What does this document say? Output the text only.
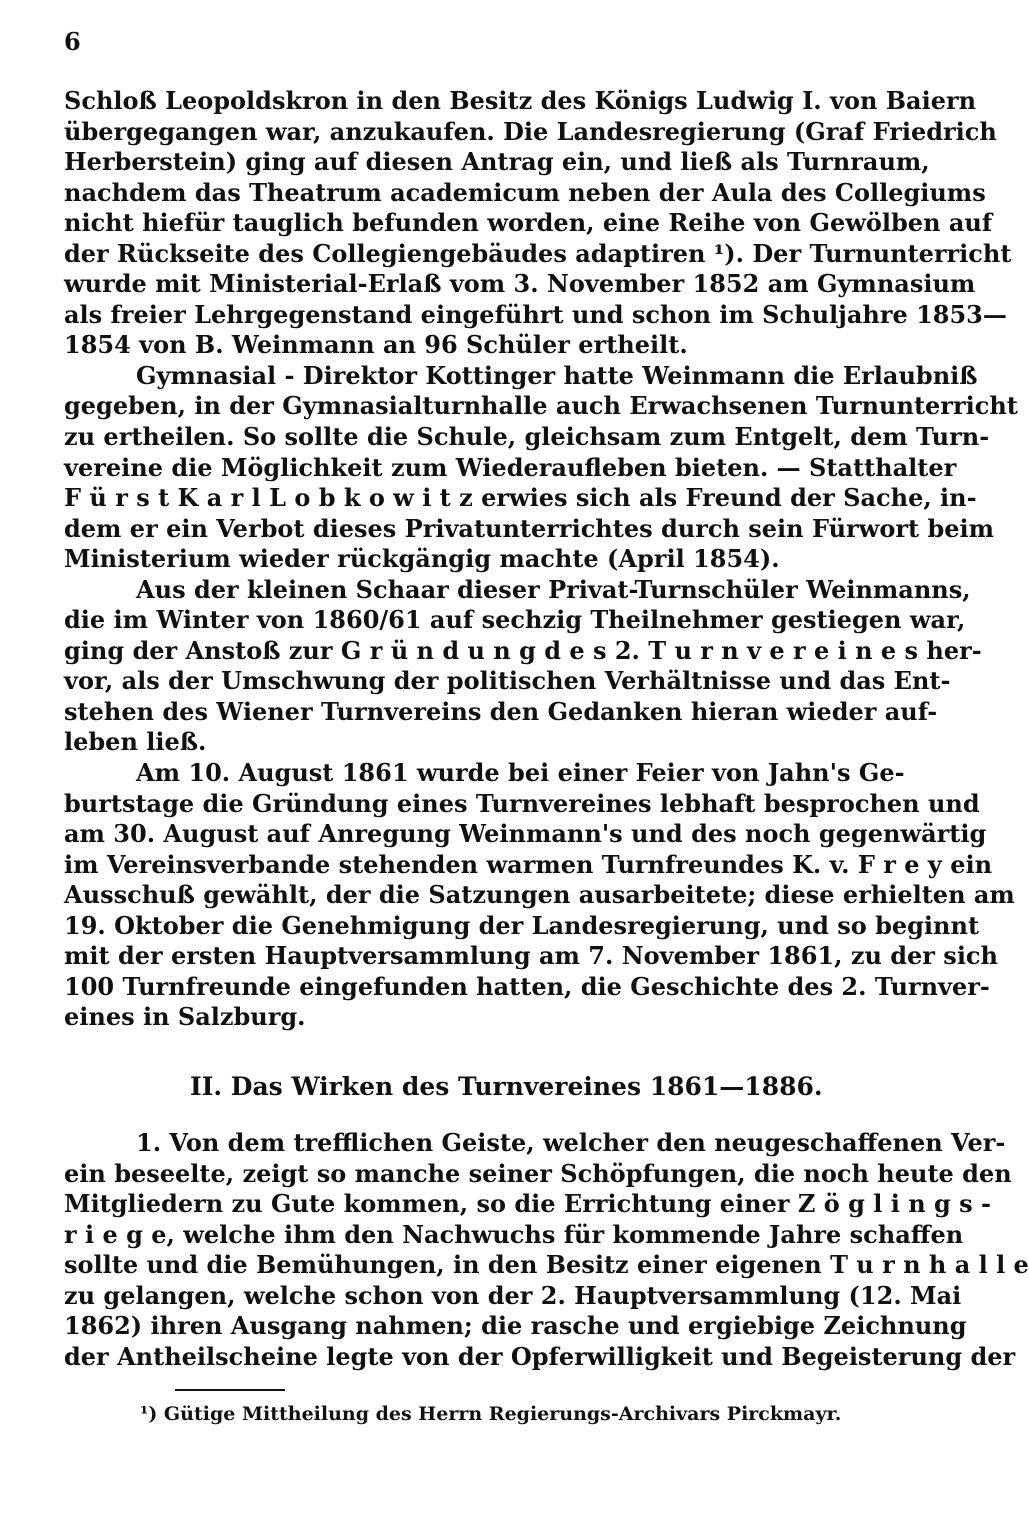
6
Schloß Leopoldskron in den Besitz des Königs Ludwig I. von Baiern
übergegangen war, anzukaufen. Die Landesregierung (Graf Friedrich
Herberstein) ging auf diesen Antrag ein, und ließ als Turnraum,
nachdem das Theatrum academicum neben der Aula des Collegiums
nicht hiefür tauglich befunden worden, eine Reihe von Gewölben auf
der Rückseite des Collegiengebäudes adaptiren ¹). Der Turnunterricht
wurde mit Ministerial-Erlaß vom 3. November 1852 am Gymnasium
als freier Lehrgegenstand eingeführt und schon im Schuljahre 1853—
1854 von B. Weinmann an 96 Schüler ertheilt.
Gymnasial - Direktor Kottinger hatte Weinmann die Erlaubniß
gegeben, in der Gymnasialturnhalle auch Erwachsenen Turnunterricht
zu ertheilen. So sollte die Schule, gleichsam zum Entgelt, dem Turn-
vereine die Möglichkeit zum Wiederaufleben bieten. — Statthalter
F ü r s t K a r l L o b k o w i t z erwies sich als Freund der Sache, in-
dem er ein Verbot dieses Privatunterrichtes durch sein Fürwort beim
Ministerium wieder rückgängig machte (April 1854).
Aus der kleinen Schaar dieser Privat-Turnschüler Weinmanns,
die im Winter von 1860/61 auf sechzig Theilnehmer gestiegen war,
ging der Anstoß zur G r ü n d u n g d e s 2. T u r n v e r e i n e s her-
vor, als der Umschwung der politischen Verhältnisse und das Ent-
stehen des Wiener Turnvereins den Gedanken hieran wieder auf-
leben ließ.
Am 10. August 1861 wurde bei einer Feier von Jahn's Ge-
burtstage die Gründung eines Turnvereines lebhaft besprochen und
am 30. August auf Anregung Weinmann's und des noch gegenwärtig
im Vereinsverbande stehenden warmen Turnfreundes K. v. F r e y ein
Ausschuß gewählt, der die Satzungen ausarbeitete; diese erhielten am
19. Oktober die Genehmigung der Landesregierung, und so beginnt
mit der ersten Hauptversammlung am 7. November 1861, zu der sich
100 Turnfreunde eingefunden hatten, die Geschichte des 2. Turnver-
eines in Salzburg.
II. Das Wirken des Turnvereines 1861—1886.
1. Von dem trefflichen Geiste, welcher den neugeschaffenen Ver-
ein beseelte, zeigt so manche seiner Schöpfungen, die noch heute den
Mitgliedern zu Gute kommen, so die Errichtung einer Z ö g l i n g s -
r i e g e, welche ihm den Nachwuchs für kommende Jahre schaffen
sollte und die Bemühungen, in den Besitz einer eigenen T u r n h a l l e
zu gelangen, welche schon von der 2. Hauptversammlung (12. Mai
1862) ihren Ausgang nahmen; die rasche und ergiebige Zeichnung
der Antheilscheine legte von der Opferwilligkeit und Begeisterung der
¹) Gütige Mittheilung des Herrn Regierungs-Archivars Pirckmayr.
